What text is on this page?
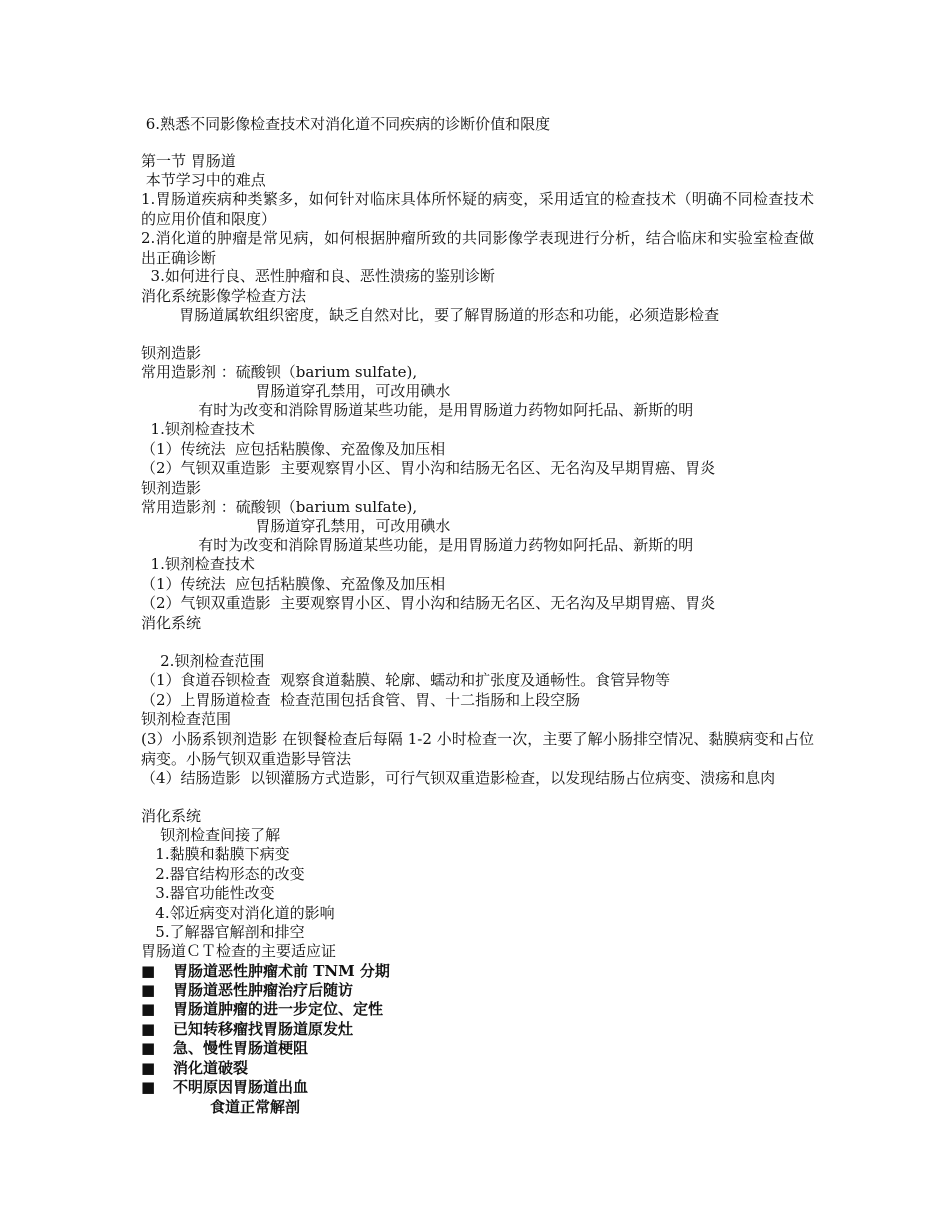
6.熟悉不同影像检查技术对消化道不同疾病的诊断价值和限度
第一节 胃肠道
本节学习中的难点
1.胃肠道疾病种类繁多，如何针对临床具体所怀疑的病变，采用适宜的检查技术（明确不同检查技术的应用价值和限度）
2.消化道的肿瘤是常见病，如何根据肿瘤所致的共同影像学表现进行分析，结合临床和实验室检查做出正确诊断
3.如何进行良、恶性肿瘤和良、恶性溃疡的鉴别诊断
消化系统影像学检查方法
胃肠道属软组织密度，缺乏自然对比，要了解胃肠道的形态和功能，必须造影检查
钡剂造影
常用造影剂 ：硫酸钡（barium sulfate),
胃肠道穿孔禁用，可改用碘水
有时为改变和消除胃肠道某些功能，是用胃肠道力药物如阿托品、新斯的明
1.钡剂检查技术
（1）传统法  应包括粘膜像、充盈像及加压相
（2）气钡双重造影  主要观察胃小区、胃小沟和结肠无名区、无名沟及早期胃癌、胃炎
钡剂造影
常用造影剂 ：硫酸钡（barium sulfate),
胃肠道穿孔禁用，可改用碘水
有时为改变和消除胃肠道某些功能，是用胃肠道力药物如阿托品、新斯的明
1.钡剂检查技术
（1）传统法  应包括粘膜像、充盈像及加压相
（2）气钡双重造影  主要观察胃小区、胃小沟和结肠无名区、无名沟及早期胃癌、胃炎
消化系统
2.钡剂检查范围
（1）食道吞钡检查  观察食道黏膜、轮廓、蠕动和扩张度及通畅性。食管异物等
（2）上胃肠道检查  检查范围包括食管、胃、十二指肠和上段空肠
钡剂检查范围
(3）小肠系钡剂造影 在钡餐检查后每隔 1-2 小时检查一次，主要了解小肠排空情况、黏膜病变和占位病变。小肠气钡双重造影导管法
（4）结肠造影  以钡灌肠方式造影，可行气钡双重造影检查，以发现结肠占位病变、溃疡和息肉
消化系统
钡剂检查间接了解
1.黏膜和黏膜下病变
2.器官结构形态的改变
3.器官功能性改变
4.邻近病变对消化道的影响
5.了解器官解剖和排空
胃肠道ＣＴ检查的主要适应证
■ 胃肠道恶性肿瘤术前 TNM 分期
■ 胃肠道恶性肿瘤治疗后随访
■ 胃肠道肿瘤的进一步定位、定性
■ 已知转移瘤找胃肠道原发灶
■ 急、慢性胃肠道梗阻
■ 消化道破裂
■ 不明原因胃肠道出血
食道正常解剖
